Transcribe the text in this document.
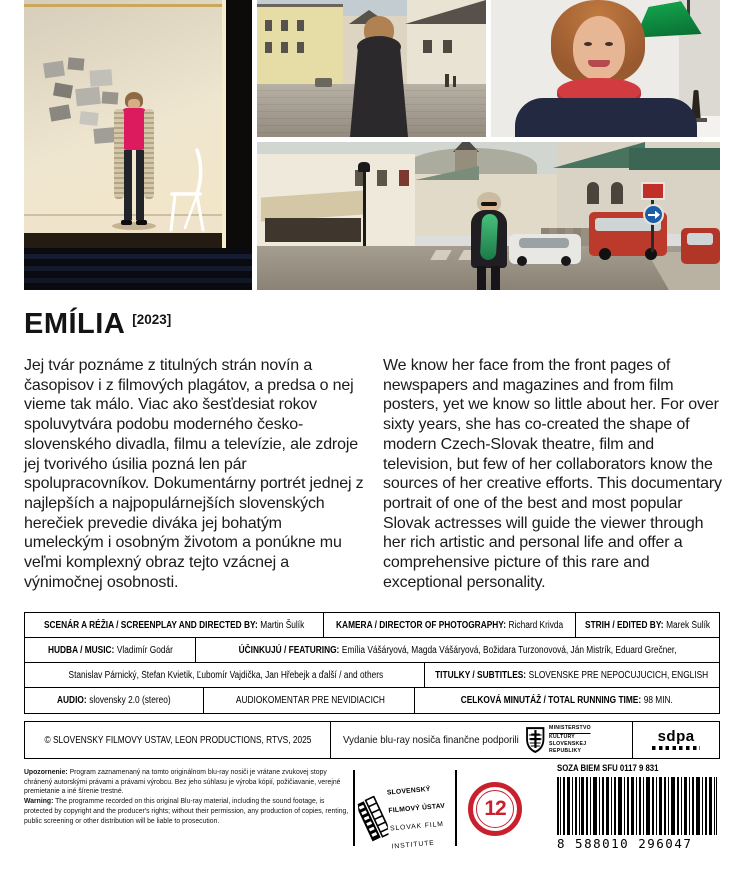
EMÍLIA [2023]

Jej tvár poznáme z titulných strán novín a časopisov i z filmových plagátov, a predsa o nej vieme tak málo. Viac ako šesťdesiat rokov spoluvytvára podobu moderného česko-slovenského divadla, filmu a televízie, ale zdroje jej tvorivého úsilia pozná len pár spolupracovníkov. Dokumentárny portrét jednej z najlepších a najpopulárnejších slovenských herečiek prevedie diváka jej bohatým umeleckým i osobným životom a ponúkne mu veľmi komplexný obraz tejto vzácnej a výnimočnej osobnosti.

We know her face from the front pages of newspapers and magazines and from film posters, yet we know so little about her. For over sixty years, she has co-created the shape of modern Czech-Slovak theatre, film and television, but few of her collaborators know the sources of her creative efforts. This documentary portrait of one of the best and most popular Slovak actresses will guide the viewer through her rich artistic and personal life and offer a comprehensive picture of this rare and exceptional personality.

SCENÁR A RÉŽIA / SCREENPLAY AND DIRECTED BY: Martin Šulík	KAMERA / DIRECTOR OF PHOTOGRAPHY: Richard Krivda STRIH / EDITED BY: Marek Šulík
HUDBA / MUSIC: Vladimír Godár	ÚČINKUJÚ / FEATURING: Emília Vášáryová, Magda Vášáryová, Božidara Turzonovová, Ján Mistrík, Eduard Grečner,
Stanislav Párnický, Štefan Kvietik, Ľubomír Vajdička, Jan Hřebejk a ďalší / and others	TITULKY / SUBTITLES: SLOVENSKÉ PRE NEPOČUJÚCICH, ENGLISH
AUDIO: slovensky 2.0 (stereo)	AUDIOKOMENTÁR PRE NEVIDIACICH	CELKOVÁ MINUTÁŽ / TOTAL RUNNING TIME: 98 MIN.
© SLOVENSKÝ FILMOVÝ ÚSTAV, LEON PRODUCTIONS, RTVS, 2025	Vydanie blu-ray nosiča finančne podporili
MINISTERSTVO
KULTÚRY
SLOVENSKEJ REPUBLIKY
sdpa

Upozornenie: Program zaznamenaný na tomto originálnom blu-ray nosiči je vrátane zvukovej stopy chránený autorskými právami a právami výrobcu. Bez jeho súhlasu je výroba kópií, požičiavanie, verejné premietanie a iné šírenie trestné.
Warning: The programme recorded on this original Blu-ray material, including the sound footage, is protected by copyright and the producer's rights; without their permission, any production of copies, renting, public screening or other distribution will be liable to prosecution.

SLOVENSKÝ
FILMOVÝ ÚSTAV
SLOVAK FILM
INSTITUTE
12
SOZA BIEM SFU 0117 9 831
8 588010 296047
